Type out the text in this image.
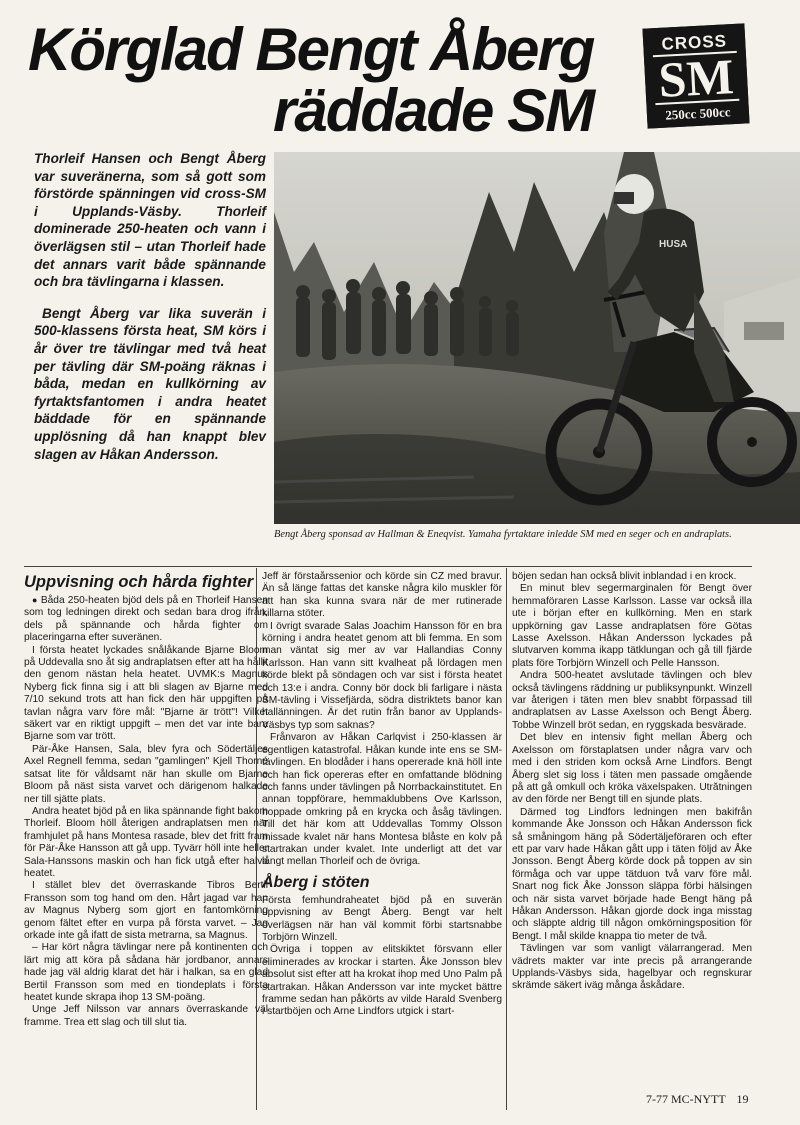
Körglad Bengt Åberg
räddade SM
CROSS
SM
250cc 500cc

Thorleif Hansen och Bengt Åberg var suveränerna, som så gott som förstörde spänningen vid cross-SM i Upplands-Väsby. Thorleif dominerade 250-heaten och vann i överlägsen stil – utan Thorleif hade det annars varit både spännande och bra tävlingarna i klassen.

Bengt Åberg var lika suverän i 500-klassens första heat, SM körs i år över tre tävlingar med två heat per tävling där SM-poäng räknas i båda, medan en kullkörning av fyrtaktsfantomen i andra heatet bäddade för en spännande upplösning då han knappt blev slagen av Håkan Andersson.

HUSA
Bengt Åberg sponsad av Hallman & Eneqvist. Yamaha fyrtaktare inledde SM med en seger och en andraplats.
Uppvisning och hårda fighter

● Båda 250-heaten bjöd dels på en Thorleif Hansen som tog ledningen direkt och sedan bara drog ifrån, dels på spännande och hårda fighter om placeringarna efter suveränen.

I första heatet lyckades snålåkande Bjarne Bloom på Uddevalla sno åt sig andraplatsen efter att ha hållit den genom nästan hela heatet. UVMK:s Magnus Nyberg fick finna sig i att bli slagen av Bjarne med 7/10 sekund trots att han fick den här uppgiften på tavlan några varv före mål: "Bjarne är trött"! Vilket säkert var en riktigt uppgift – men det var inte bara Bjarne som var trött.

Pär-Åke Hansen, Sala, blev fyra och Södertäljes Axel Regnell femma, sedan "gamlingen" Kjell Thorné satsat lite för våldsamt när han skulle om Bjarne Bloom på näst sista varvet och därigenom halkade ner till sjätte plats.

Andra heatet bjöd på en lika spännande fight bakom Thorleif. Bloom höll återigen andraplatsen men när framhjulet på hans Montesa rasade, blev det fritt fram för Pär-Åke Hansson att gå upp. Tyvärr höll inte heller Sala-Hanssons maskin och han fick utgå efter halva heatet.

I stället blev det överraskande Tibros Bertil Fransson som tog hand om den. Hårt jagad var han av Magnus Nyberg som gjort en fantomkörning genom fältet efter en vurpa på första varvet. – Jag orkade inte gå ifatt de sista metrarna, sa Magnus.

– Har kört några tävlingar nere på kontinenten och lärt mig att köra på sådana här jordbanor, annars hade jag väl aldrig klarat det här i halkan, sa en glad Bertil Fransson som med en tiondeplats i första heatet kunde skrapa ihop 13 SM-poäng.

Unge Jeff Nilsson var annars överraskande väl framme. Trea ett slag och till slut tia.

Jeff är förstaårssenior och körde sin CZ med bravur. Än så länge fattas det kanske några kilo muskler för att han ska kunna svara när de mer rutinerade killarna stöter.

I övrigt svarade Salas Joachim Hansson för en bra körning i andra heatet genom att bli femma. En som man väntat sig mer av var Hallandias Conny Karlsson. Han vann sitt kvalheat på lördagen men körde blekt på söndagen och var sist i första heatet och 13:e i andra. Conny bör dock bli farligare i nästa SM-tävling i Vissefjärda, södra distriktets banor kan hallänningen. Är det rutin från banor av Upplands-Väsbys typ som saknas?

Frånvaron av Håkan Carlqvist i 250-klassen är egentligen katastrofal. Håkan kunde inte ens se SM-tävlingen. En blodåder i hans opererade knä höll inte och han fick opereras efter en omfattande blödning och fanns under tävlingen på Norrbackainstitutet. En annan toppförare, hemmaklubbens Ove Karlsson, hoppade omkring på en krycka och åsåg tävlingen. Till det här kom att Uddevallas Tommy Olsson missade kvalet när hans Montesa blåste en kolv på startrakan under kvalet. Inte underligt att det var långt mellan Thorleif och de övriga.

Åberg i stöten

Första femhundraheatet bjöd på en suverän uppvisning av Bengt Åberg. Bengt var helt överlägsen när han väl kommit förbi startsnabbe Torbjörn Winzell.

Övriga i toppen av elitskiktet försvann eller eliminerades av krockar i starten. Åke Jonsson blev absolut sist efter att ha krokat ihop med Uno Palm på startrakan. Håkan Andersson var inte mycket bättre framme sedan han påkörts av vilde Harald Svenberg i startböjen och Arne Lindfors utgick i start-

böjen sedan han också blivit inblandad i en krock.

En minut blev segermarginalen för Bengt över hemmaföraren Lasse Karlsson. Lasse var också illa ute i början efter en kullkörning. Men en stark uppkörning gav Lasse andraplatsen före Götas Lasse Axelsson. Håkan Andersson lyckades på slutvarven komma ikapp tätklungan och gå till fjärde plats före Torbjörn Winzell och Pelle Hansson.

Andra 500-heatet avslutade tävlingen och blev också tävlingens räddning ur publiksynpunkt. Winzell var återigen i täten men blev snabbt förpassad till andraplatsen av Lasse Axelsson och Bengt Åberg. Tobbe Winzell bröt sedan, en ryggskada besvärade.

Det blev en intensiv fight mellan Åberg och Axelsson om förstaplatsen under några varv och med i den striden kom också Arne Lindfors. Bengt Åberg slet sig loss i täten men passade omgående på att gå omkull och kröka växelspaken. Utrătningen av den förde ner Bengt till en sjunde plats.

Därmed tog Lindfors ledningen men bakifrån kommande Åke Jonsson och Håkan Andersson fick så småningom häng på Södertäljeföraren och efter ett par varv hade Håkan gått upp i täten följd av Åke Jonsson. Bengt Åberg körde dock på toppen av sin förmåga och var uppe tätduon två varv före mål. Snart nog fick Åke Jonsson släppa förbi hälsingen och när sista varvet började hade Bengt häng på Håkan Andersson. Håkan gjorde dock inga misstag och släppte aldrig till någon omkörningsposition för Bengt. I mål skilde knappa tio meter de två.

Tävlingen var som vanligt välarrangerad. Men vädrets makter var inte precis på arrangerande Upplands-Väsbys sida, hagelbyar och regnskurar skrämde säkert iväg många åskådare.

7-77 MC-NYTT 19
